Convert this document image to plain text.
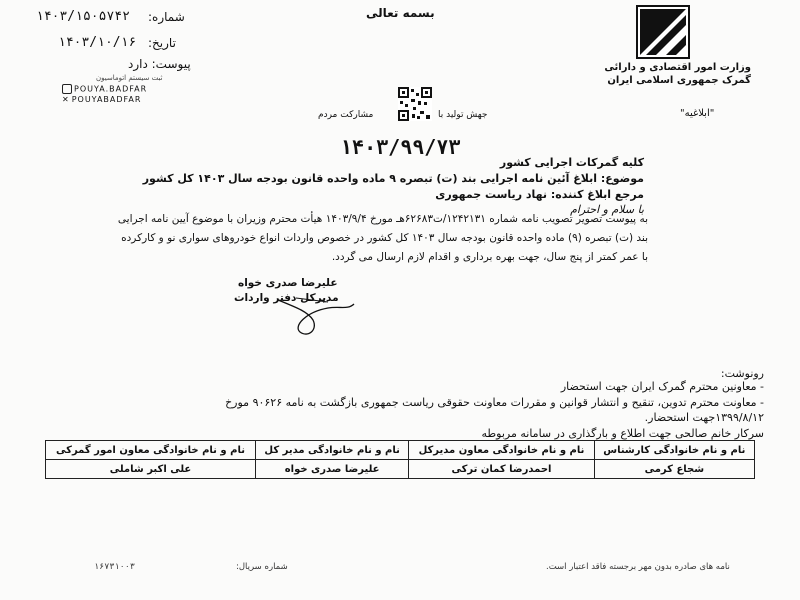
بسمه تعالی
شماره:
۱۴۰۳/۱۵۰۵۷۴۲
تاریخ:
۱۴۰۳/۱۰/۱۶
پیوست: دارد
ثبت سیستم اتوماسیون
POUYA.BADFAR
✕ POUYABADFAR
وزارت امور اقتصادی و دارائی
گمرک جمهوری اسلامی ایران
"ابلاغیه"
جهش تولید با
مشارکت مردم
۱۴۰۳/۹۹/۷۳
کلیه گمرکات اجرایی کشور
موضوع: ابلاغ آئین نامه اجرایی بند (ت) تبصره ۹ ماده واحده قانون بودجه سال ۱۴۰۳ کل کشور
مرجع ابلاغ کننده: نهاد ریاست جمهوری
با سلام و احترام
به پیوست تصویر تصویب نامه شماره ۱۲۴۲۱۳۱/ت۶۲۶۸۳هـ مورخ ۱۴۰۳/۹/۴ هیأت محترم وزیران با موضوع آیین نامه اجرایی
بند (ت) تبصره (۹) ماده واحده قانون بودجه سال ۱۴۰۳ کل کشور در خصوص واردات انواع خودروهای سواری نو و کارکرده
با عمر کمتر از پنج سال، جهت بهره برداری و اقدام لازم ارسال می گردد.
علیرضا صدری خواه
مدیرکل دفتر واردات
رونوشت:
- معاونین محترم گمرک ایران جهت استحضار
- معاونت محترم تدوین، تنقیح و انتشار قوانین و مقررات معاونت حقوقی ریاست جمهوری بازگشت به نامه ۹۰۶۲۶ مورخ
۱۳۹۹/۸/۱۲جهت استحضار.
سرکار خانم صالحی جهت اطلاع و بارگذاری در سامانه مربوطه
نام و نام خانوادگی کارشناس	نام و نام خانوادگی معاون مدیرکل	نام و نام خانوادگی مدیر کل	نام و نام خانوادگی معاون امور گمرکی
شجاع کرمی	احمدرضا کمان ترکی	علیرضا صدری خواه	علی اکبر شاملی
نامه های صادره بدون مهر برجسته فاقد اعتبار است.
شماره سریال:
۱۶۷۳۱۰۰۳
